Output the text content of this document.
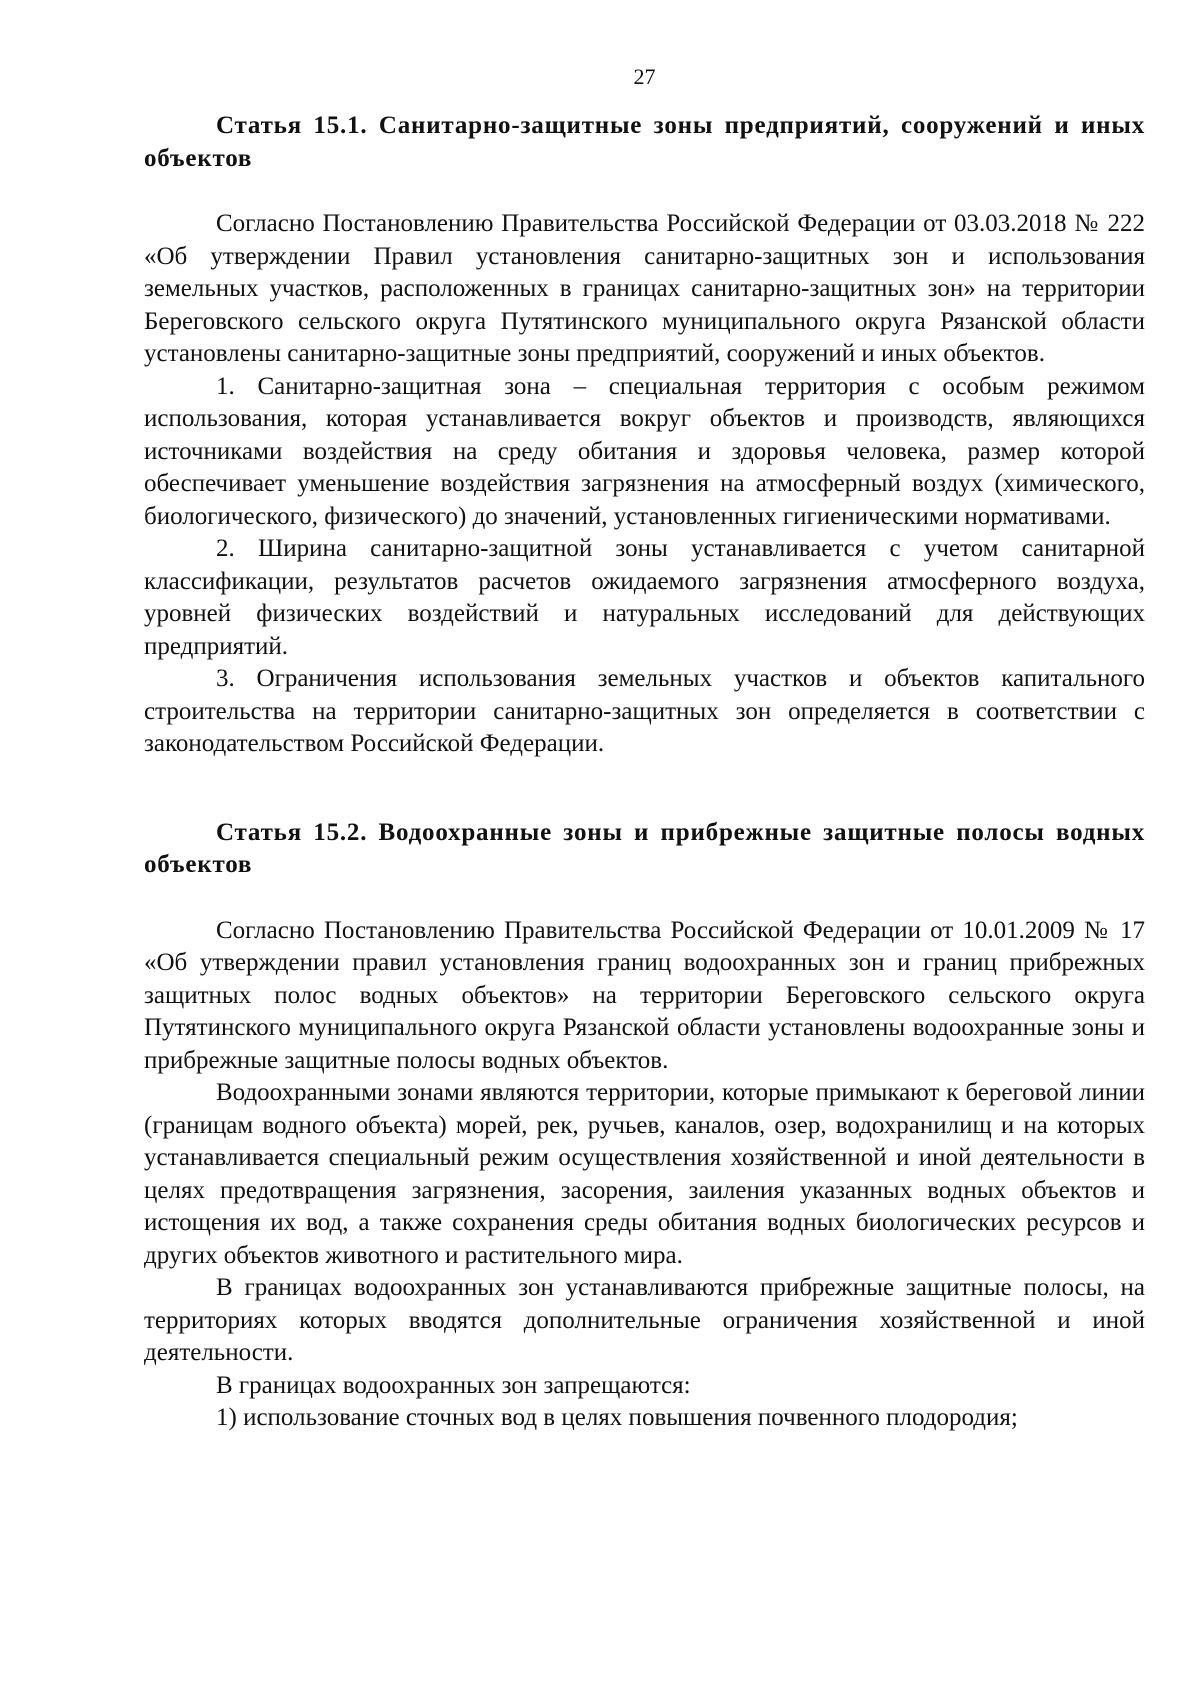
27
Статья 15.1. Санитарно-защитные зоны предприятий, сооружений и иных объектов

Согласно Постановлению Правительства Российской Федерации от 03.03.2018 № 222 «Об утверждении Правил установления санитарно-защитных зон и использования земельных участков, расположенных в границах санитарно-защитных зон» на территории Береговского сельского округа Путятинского муниципального округа Рязанской области установлены санитарно-защитные зоны предприятий, сооружений и иных объектов.

1. Санитарно-защитная зона – специальная территория с особым режимом использования, которая устанавливается вокруг объектов и производств, являющихся источниками воздействия на среду обитания и здоровья человека, размер которой обеспечивает уменьшение воздействия загрязнения на атмосферный воздух (химического, биологического, физического) до значений, установленных гигиеническими нормативами.

2. Ширина санитарно-защитной зоны устанавливается с учетом санитарной классификации, результатов расчетов ожидаемого загрязнения атмосферного воздуха, уровней физических воздействий и натуральных исследований для действующих предприятий.

3. Ограничения использования земельных участков и объектов капитального строительства на территории санитарно-защитных зон определяется в соответствии с законодательством Российской Федерации.

Статья 15.2. Водоохранные зоны и прибрежные защитные полосы водных объектов

Согласно Постановлению Правительства Российской Федерации от 10.01.2009 № 17 «Об утверждении правил установления границ водоохранных зон и границ прибрежных защитных полос водных объектов» на территории Береговского сельского округа Путятинского муниципального округа Рязанской области установлены водоохранные зоны и прибрежные защитные полосы водных объектов.

Водоохранными зонами являются территории, которые примыкают к береговой линии (границам водного объекта) морей, рек, ручьев, каналов, озер, водохранилищ и на которых устанавливается специальный режим осуществления хозяйственной и иной деятельности в целях предотвращения загрязнения, засорения, заиления указанных водных объектов и истощения их вод, а также сохранения среды обитания водных биологических ресурсов и других объектов животного и растительного мира.

В границах водоохранных зон устанавливаются прибрежные защитные полосы, на территориях которых вводятся дополнительные ограничения хозяйственной и иной деятельности.

В границах водоохранных зон запрещаются:

1) использование сточных вод в целях повышения почвенного плодородия;
